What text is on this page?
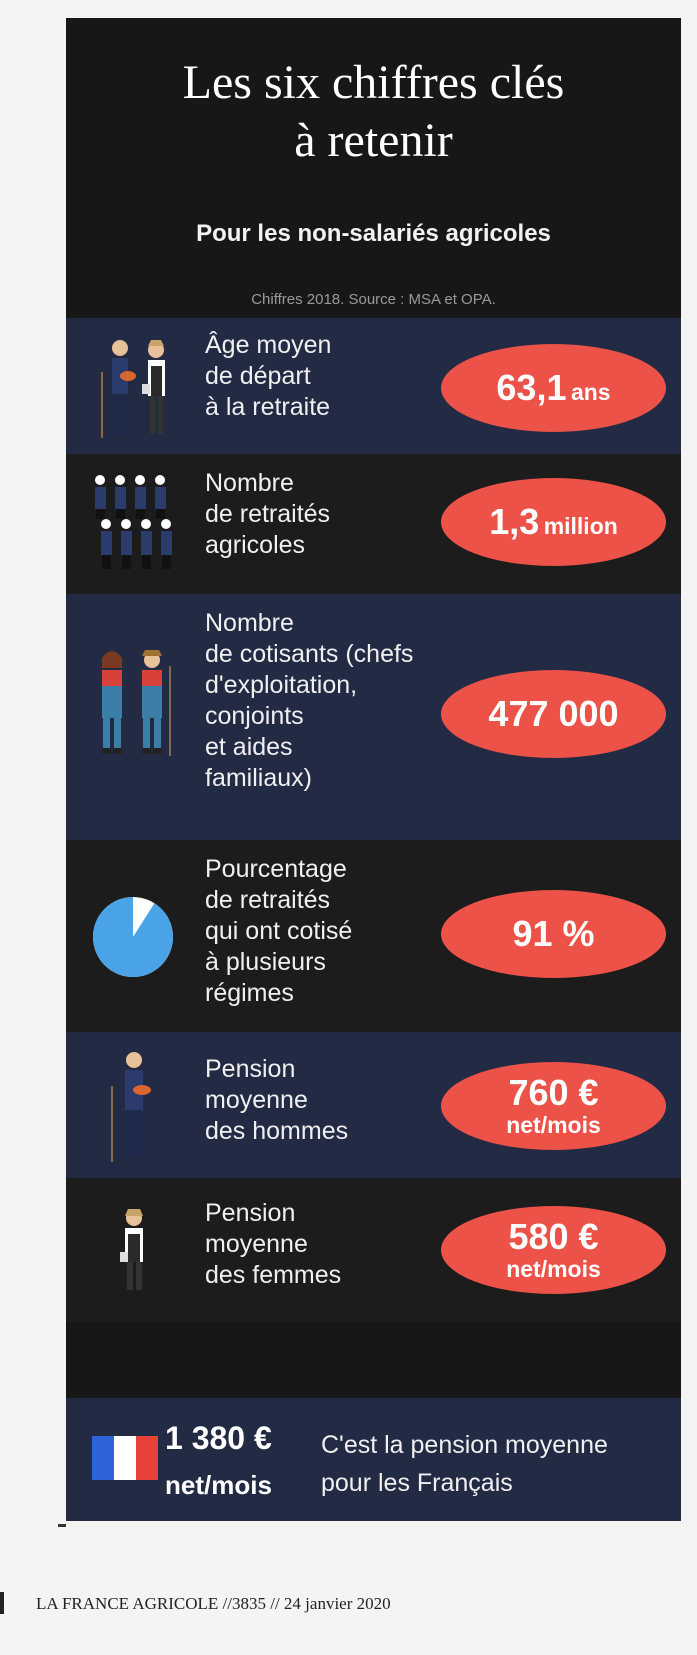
Les six chiffres clés
à retenir
Pour les non-salariés agricoles
Chiffres 2018. Source : MSA et OPA.
Âge moyen
de départ
à la retraite	63,1 ans
Nombre
de retraités
agricoles
1,3 million
Nombre
de cotisants (chefs
d'exploitation,
conjoints
et aides
familiaux)
477 000
Pourcentage
de retraités
qui ont cotisé
à plusieurs
régimes
91 %
Pension
moyenne
des hommes
760 €
net/mois
Pension
moyenne
des femmes
580 €
net/mois
1 380 €
net/mois
C'est la pension moyenne
pour les Français
LA FRANCE AGRICOLE //3835 // 24 janvier 2020
